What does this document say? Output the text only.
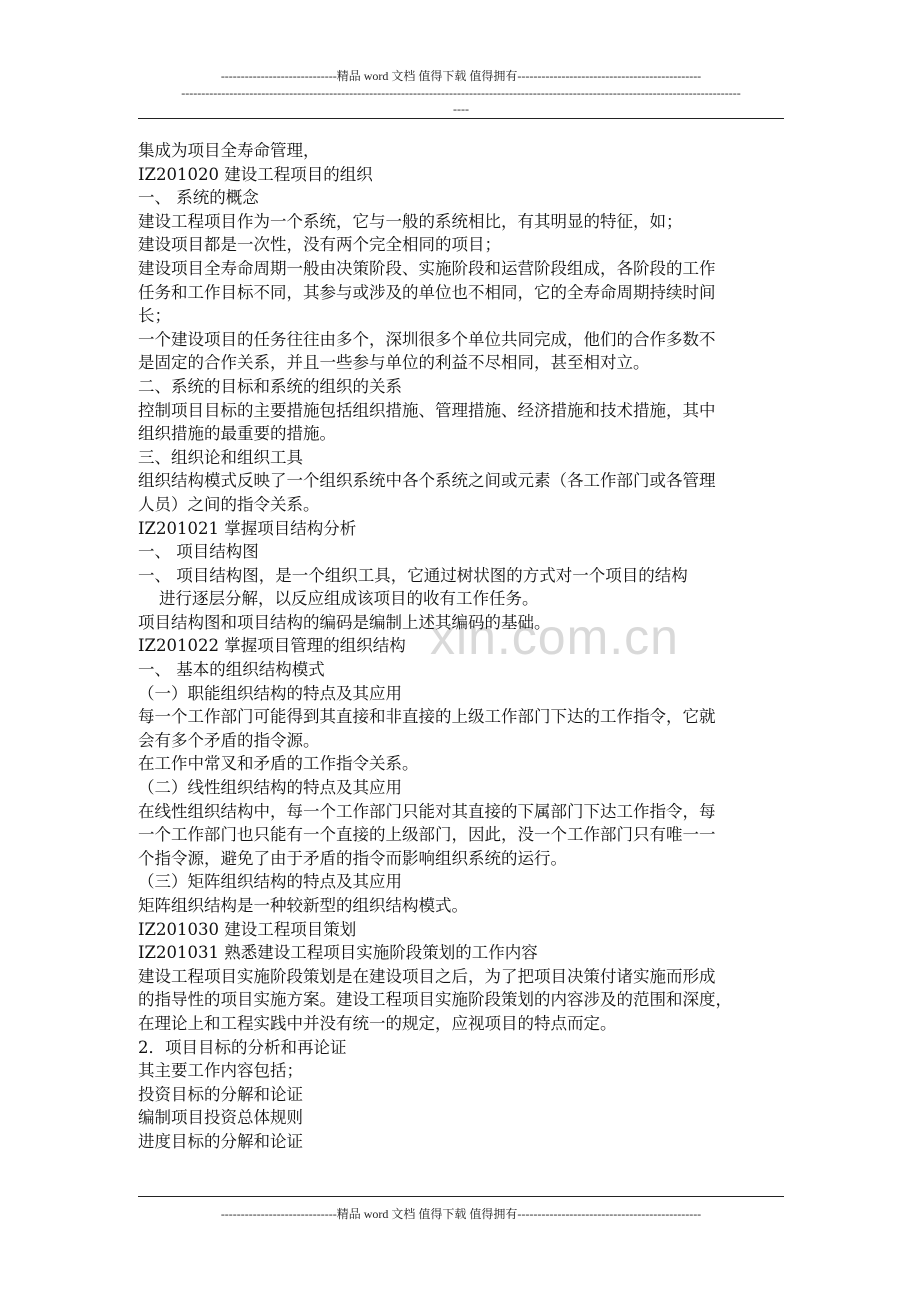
-----------------------------精品 word 文档 值得下载 值得拥有----------------------------------------------
--------------------------------------------------------------------------------------------------------------------------------------------
----
xin.com.cn

集成为项目全寿命管理，

IZ201020 建设工程项目的组织

一、 系统的概念

建设工程项目作为一个系统，它与一般的系统相比，有其明显的特征，如；

建设项目都是一次性，没有两个完全相同的项目；

建设项目全寿命周期一般由决策阶段、实施阶段和运营阶段组成，各阶段的工作

任务和工作目标不同，其参与或涉及的单位也不相同，它的全寿命周期持续时间

长；

一个建设项目的任务往往由多个，深圳很多个单位共同完成，他们的合作多数不

是固定的合作关系，并且一些参与单位的利益不尽相同，甚至相对立。

二、系统的目标和系统的组织的关系

控制项目目标的主要措施包括组织措施、管理措施、经济措施和技术措施，其中

组织措施的最重要的措施。

三、组织论和组织工具

组织结构模式反映了一个组织系统中各个系统之间或元素（各工作部门或各管理

人员）之间的指令关系。

IZ201021 掌握项目结构分析

一、 项目结构图

一、 项目结构图，是一个组织工具，它通过树状图的方式对一个项目的结构

进行逐层分解，以反应组成该项目的收有工作任务。

项目结构图和项目结构的编码是编制上述其编码的基础。

IZ201022 掌握项目管理的组织结构

一、 基本的组织结构模式

（一）职能组织结构的特点及其应用

每一个工作部门可能得到其直接和非直接的上级工作部门下达的工作指令，它就

会有多个矛盾的指令源。

在工作中常叉和矛盾的工作指令关系。

（二）线性组织结构的特点及其应用

在线性组织结构中，每一个工作部门只能对其直接的下属部门下达工作指令，每

一个工作部门也只能有一个直接的上级部门，因此，没一个工作部门只有唯一一

个指令源，避免了由于矛盾的指令而影响组织系统的运行。

（三）矩阵组织结构的特点及其应用

矩阵组织结构是一种较新型的组织结构模式。

IZ201030 建设工程项目策划

IZ201031 熟悉建设工程项目实施阶段策划的工作内容

建设工程项目实施阶段策划是在建设项目之后，为了把项目决策付诸实施而形成

的指导性的项目实施方案。建设工程项目实施阶段策划的内容涉及的范围和深度，

在理论上和工程实践中并没有统一的规定，应视项目的特点而定。

2．项目目标的分析和再论证

其主要工作内容包括；

投资目标的分解和论证

编制项目投资总体规则

进度目标的分解和论证

-----------------------------精品 word 文档 值得下载 值得拥有----------------------------------------------
